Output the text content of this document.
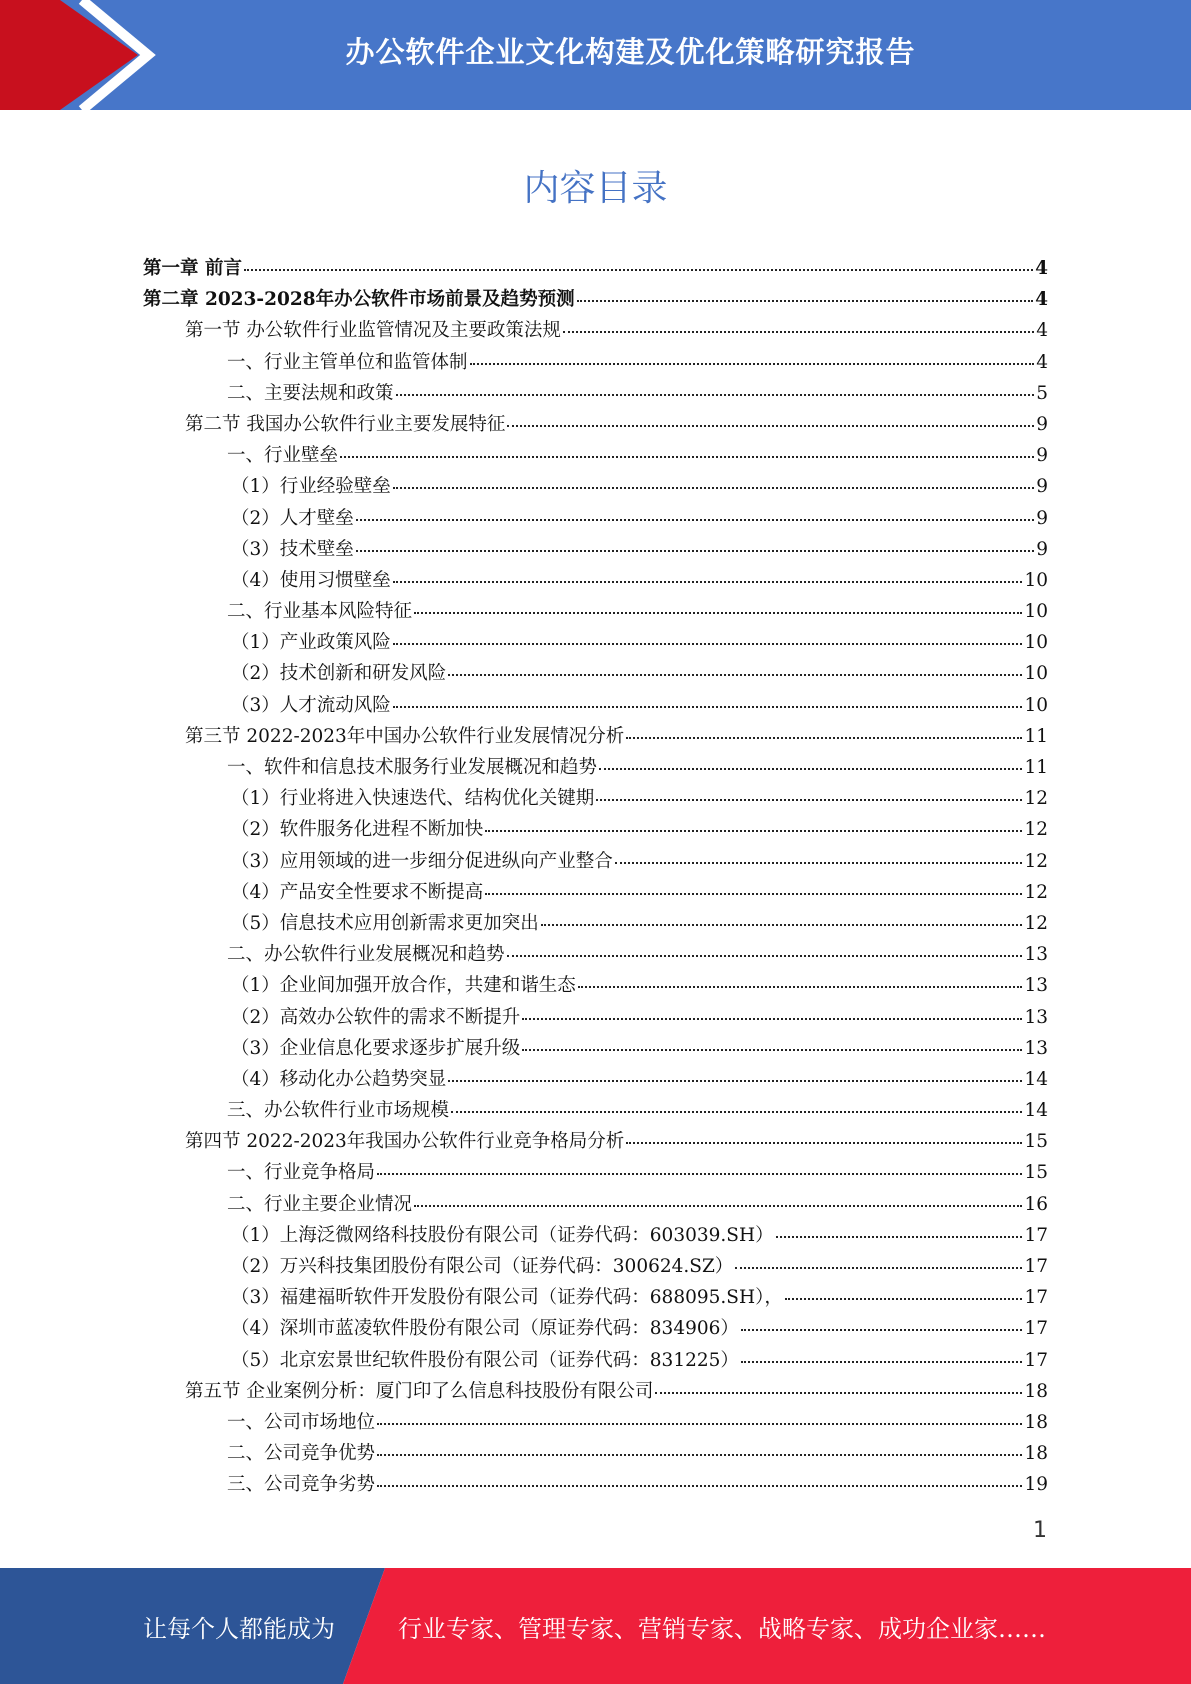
办公软件企业文化构建及优化策略研究报告
内容目录
第一章 前言	4
第二章 2023-2028年办公软件市场前景及趋势预测	4
第一节 办公软件行业监管情况及主要政策法规	4
一、行业主管单位和监管体制	4
二、主要法规和政策	5
第二节 我国办公软件行业主要发展特征	9
一、行业壁垒	9
（1）行业经验壁垒	9
（2）人才壁垒	9
（3）技术壁垒	9
（4）使用习惯壁垒	10
二、行业基本风险特征	10
（1）产业政策风险	10
（2）技术创新和研发风险	10
（3）人才流动风险	10
第三节 2022-2023年中国办公软件行业发展情况分析	11
一、软件和信息技术服务行业发展概况和趋势	11
（1）行业将进入快速迭代、结构优化关键期	12
（2）软件服务化进程不断加快	12
（3）应用领域的进一步细分促进纵向产业整合	12
（4）产品安全性要求不断提高	12
（5）信息技术应用创新需求更加突出	12
二、办公软件行业发展概况和趋势	13
（1）企业间加强开放合作，共建和谐生态	13
（2）高效办公软件的需求不断提升	13
（3）企业信息化要求逐步扩展升级	13
（4）移动化办公趋势突显	14
三、办公软件行业市场规模	14
第四节 2022-2023年我国办公软件行业竞争格局分析	15
一、行业竞争格局	15
二、行业主要企业情况	16
（1）上海泛微网络科技股份有限公司（证券代码：603039.SH）	17
（2）万兴科技集团股份有限公司（证券代码：300624.SZ）	17
（3）福建福昕软件开发股份有限公司（证券代码：688095.SH），	17
（4）深圳市蓝凌软件股份有限公司（原证券代码：834906）	17
（5）北京宏景世纪软件股份有限公司（证券代码：831225）	17
第五节 企业案例分析：厦门印了么信息科技股份有限公司	18
一、公司市场地位	18
二、公司竞争优势	18
三、公司竞争劣势	19
1
让每个人都能成为	行业专家、管理专家、营销专家、战略专家、成功企业家……
